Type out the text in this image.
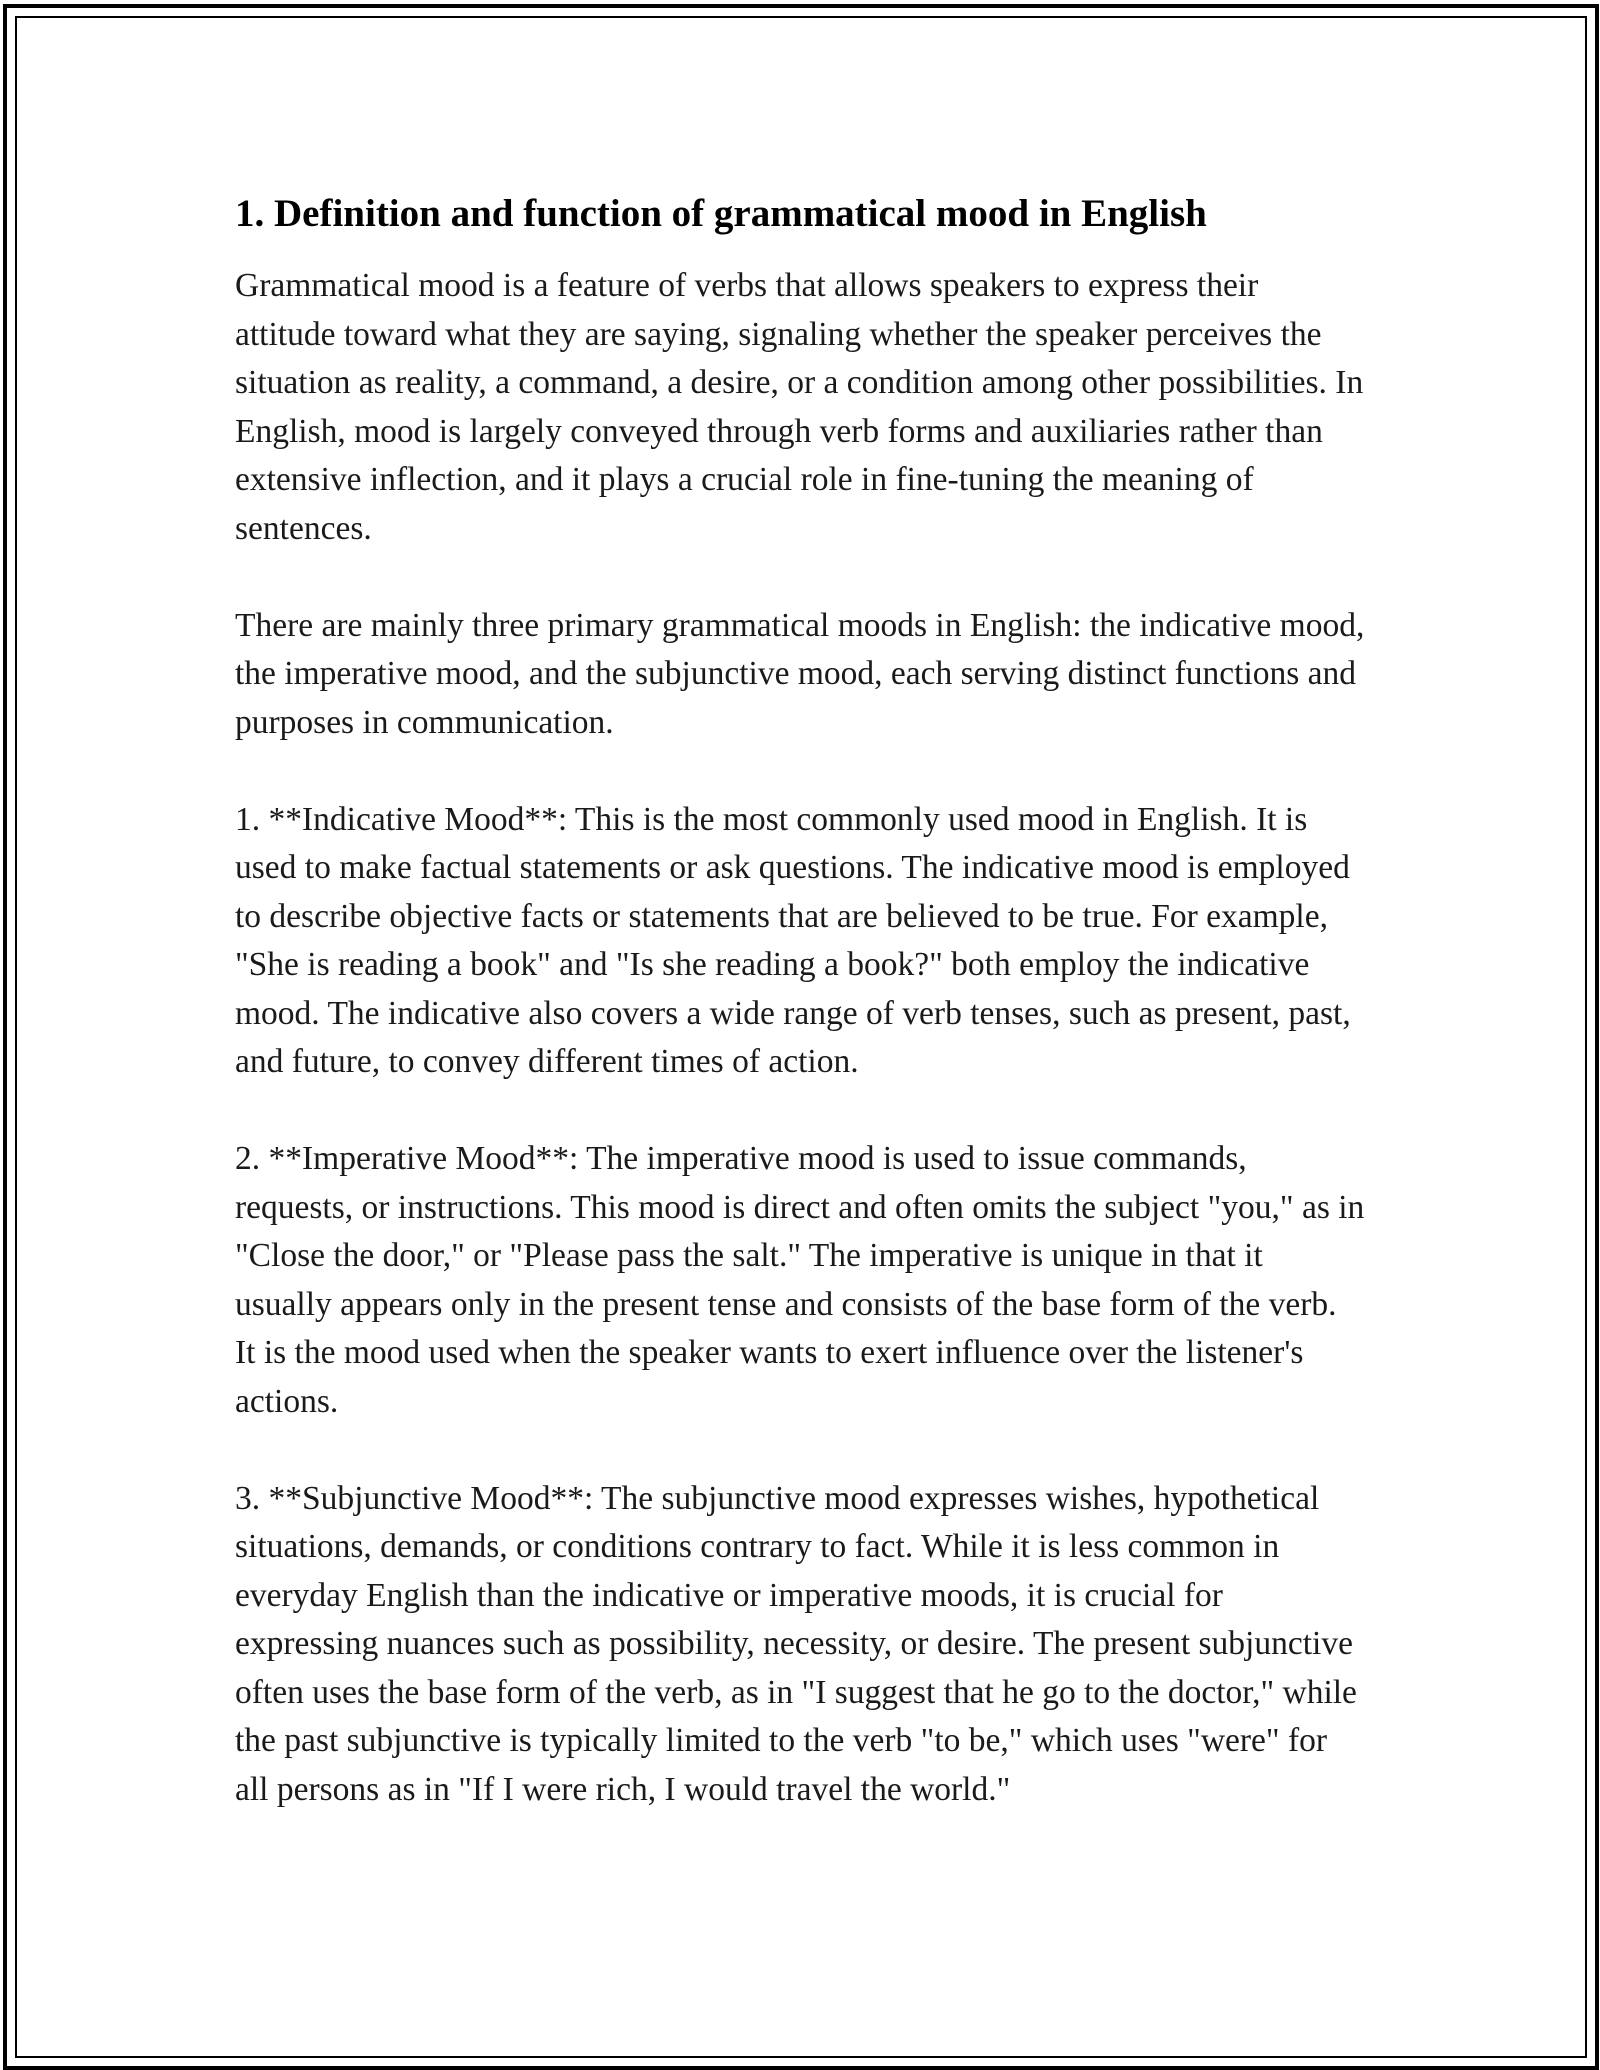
1. Definition and function of grammatical mood in English

Grammatical mood is a feature of verbs that allows speakers to express their attitude toward what they are saying, signaling whether the speaker perceives the situation as reality, a command, a desire, or a condition among other possibilities. In English, mood is largely conveyed through verb forms and auxiliaries rather than extensive inflection, and it plays a crucial role in fine-tuning the meaning of sentences.

There are mainly three primary grammatical moods in English: the indicative mood, the imperative mood, and the subjunctive mood, each serving distinct functions and purposes in communication.

1. **Indicative Mood**: This is the most commonly used mood in English. It is used to make factual statements or ask questions. The indicative mood is employed to describe objective facts or statements that are believed to be true. For example, "She is reading a book" and "Is she reading a book?" both employ the indicative mood. The indicative also covers a wide range of verb tenses, such as present, past, and future, to convey different times of action.

2. **Imperative Mood**: The imperative mood is used to issue commands, requests, or instructions. This mood is direct and often omits the subject "you," as in "Close the door," or "Please pass the salt." The imperative is unique in that it usually appears only in the present tense and consists of the base form of the verb. It is the mood used when the speaker wants to exert influence over the listener's actions.

3. **Subjunctive Mood**: The subjunctive mood expresses wishes, hypothetical situations, demands, or conditions contrary to fact. While it is less common in everyday English than the indicative or imperative moods, it is crucial for expressing nuances such as possibility, necessity, or desire. The present subjunctive often uses the base form of the verb, as in "I suggest that he go to the doctor," while the past subjunctive is typically limited to the verb "to be," which uses "were" for all persons as in "If I were rich, I would travel the world."
